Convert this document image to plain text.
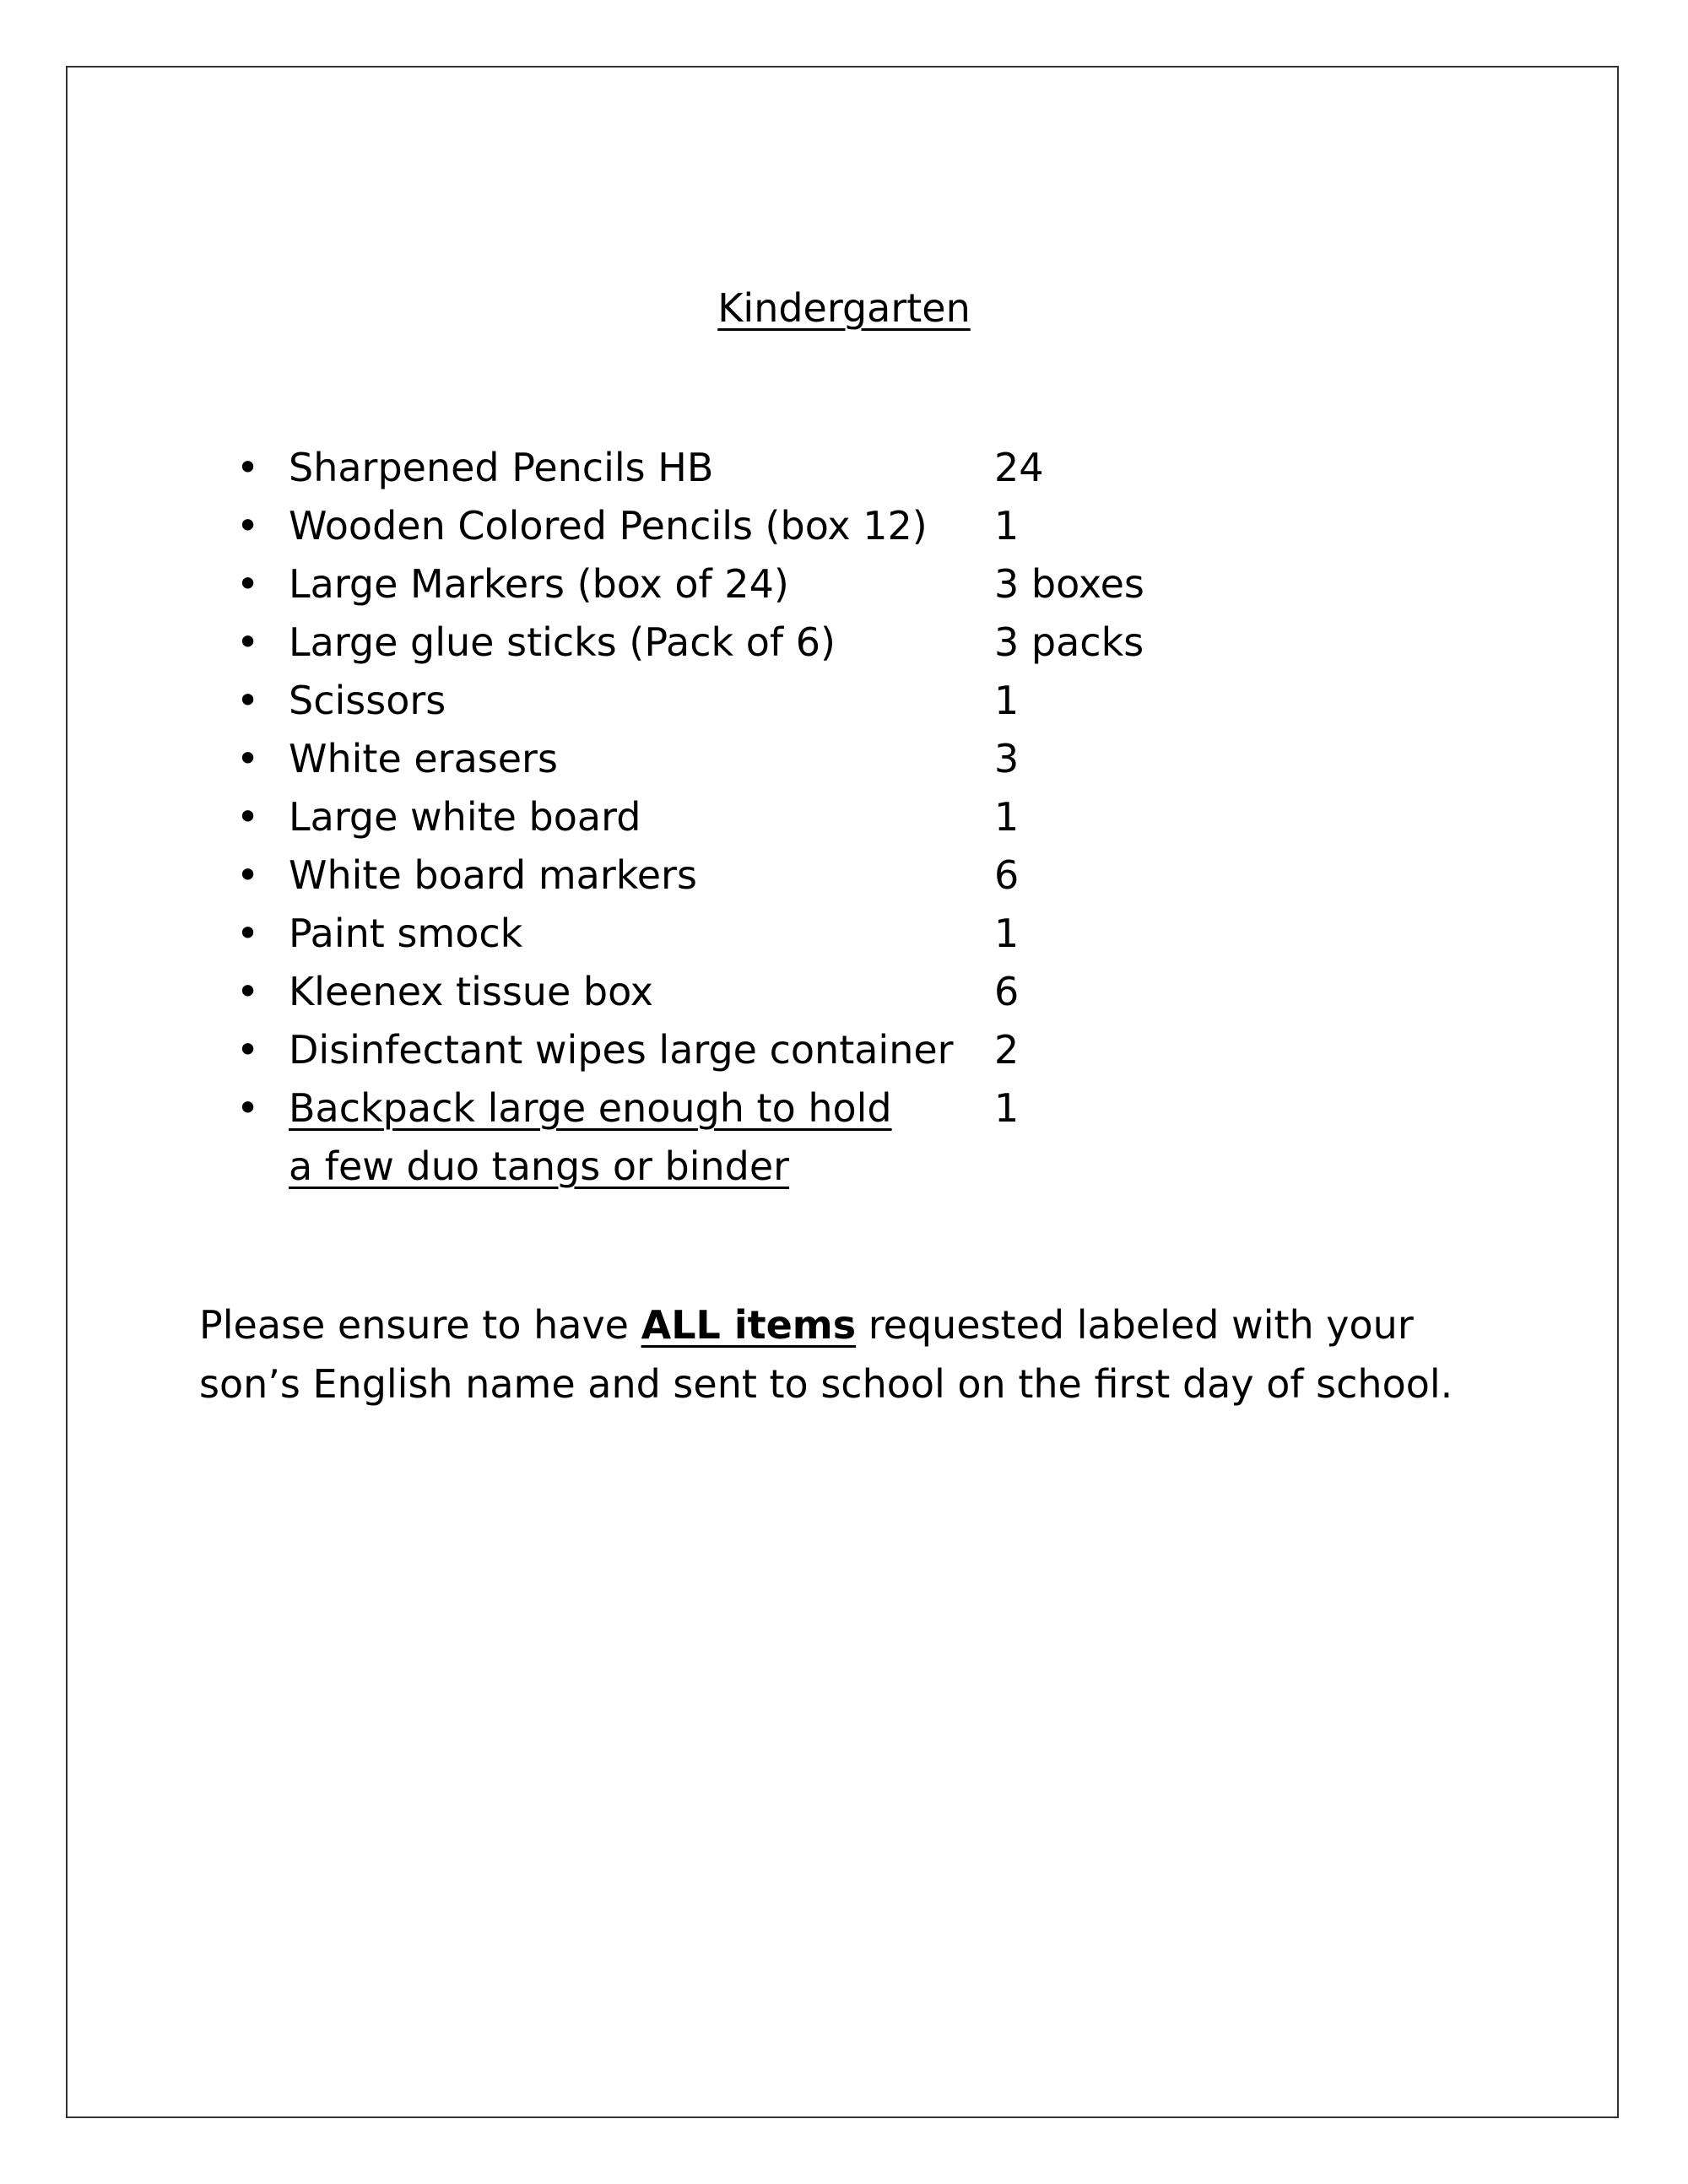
Kindergarten
• Sharpened Pencils HB	24
• Wooden Colored Pencils (box 12)	1
• Large Markers (box of 24)	3 boxes
• Large glue sticks (Pack of 6)	3 packs
• Scissors	1
• White erasers	3
• Large white board	1
• White board markers	6
• Paint smock	1
• Kleenex tissue box	6
• Disinfectant wipes large container	2
• Backpack large enough to hold	1
a few duo tangs or binder

Please ensure to have ALL items requested labeled with your son’s English name and sent to school on the first day of school.
